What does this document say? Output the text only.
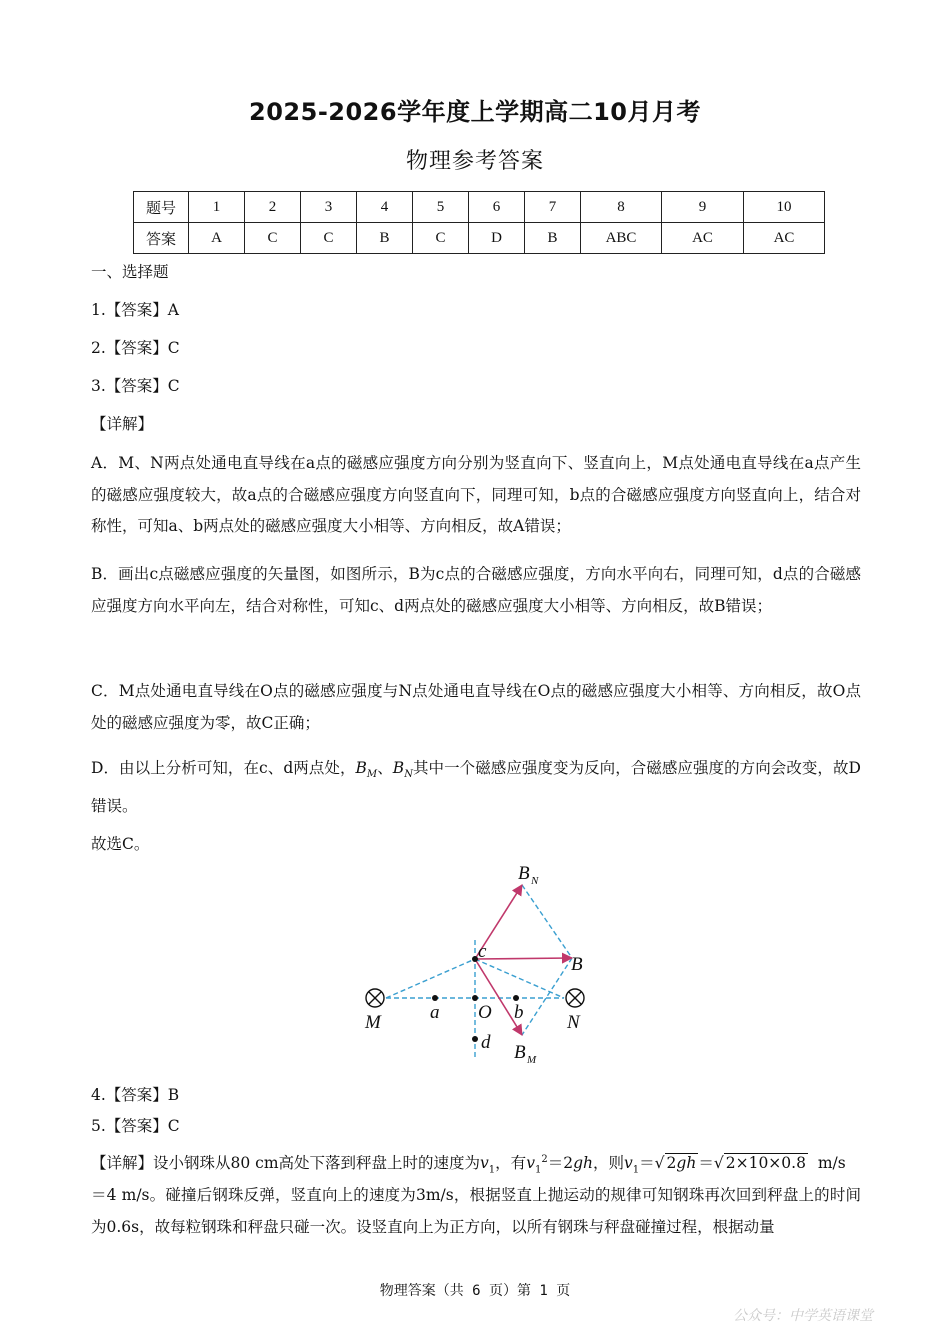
2025-2026学年度上学期高二10月月考
物理参考答案
题号	1	2	3	4	5	6	7	8	9	10
答案	A	C	C	B	C	D	B	ABC	AC	AC
一、选择题
1.【答案】A
2.【答案】C
3.【答案】C
【详解】
A．M、N两点处通电直导线在a点的磁感应强度方向分别为竖直向下、竖直向上，M点处通电直导线在a点产生的磁感应强度较大，故a点的合磁感应强度方向竖直向下，同理可知，b点的合磁感应强度方向竖直向上，结合对称性，可知a、b两点处的磁感应强度大小相等、方向相反，故A错误；
B．画出c点磁感应强度的矢量图，如图所示，B为c点的合磁感应强度，方向水平向右，同理可知，d点的合磁感应强度方向水平向左，结合对称性，可知c、d两点处的磁感应强度大小相等、方向相反，故B错误；
C．M点处通电直导线在O点的磁感应强度与N点处通电直导线在O点的磁感应强度大小相等、方向相反，故O点处的磁感应强度为零，故C正确；
D．由以上分析可知，在c、d两点处，$B_M$、$B_N$其中一个磁感应强度变为反向，合磁感应强度的方向会改变，故D错误。
故选C。
B N
B
B M
c
O
a	b
d
M	N
4.【答案】B
5.【答案】C
【详解】设小钢珠从80 cm高处下落到秤盘上时的速度为$v_1$，有$v_1^2=2gh$，则$v_1=√$ 2gh ＝√ 2×10×0.8 m/s
＝4 m/s。碰撞后钢珠反弹，竖直向上的速度为3m/s，根据竖直上抛运动的规律可知钢珠再次回到秤盘上的时间为0.6s，故每粒钢珠和秤盘只碰一次。设竖直向上为正方向，以所有钢珠与秤盘碰撞过程，根据动量
物理答案（共 6 页）第 1 页
公众号：中学英语课堂
